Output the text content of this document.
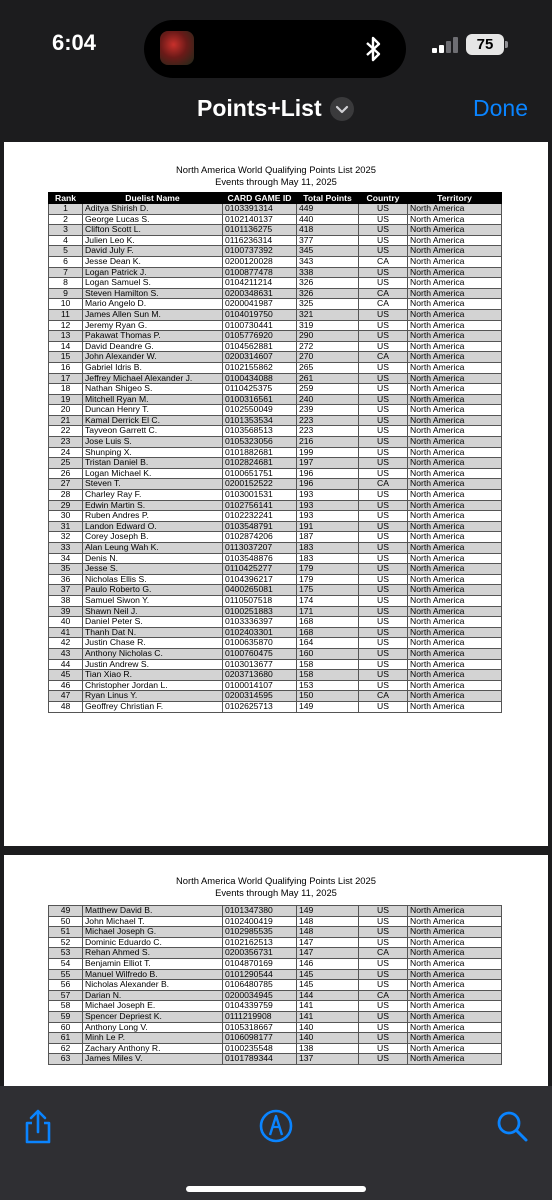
6:04	75
Points+List	Done
North America World Qualifying Points List 2025
Events through May 11, 2025
Rank	Duelist Name	CARD GAME ID	Total Points	Country	Territory
1	Aditya Shirish D.	0103391314	449	US	North America
2	George Lucas S.	0102140137	440	US	North America
3	Clifton Scott L.	0101136275	418	US	North America
4	Julien Leo K.	0116236314	377	US	North America
5	David July F.	0100737392	345	US	North America
6	Jesse Dean K.	0200120028	343	CA	North America
7	Logan Patrick J.	0100877478	338	US	North America
8	Logan Samuel S.	0104211214	326	US	North America
9	Steven Hamilton S.	0200348631	326	CA	North America
10	Mario Angelo D.	0200041987	325	CA	North America
11	James Allen Sun M.	0104019750	321	US	North America
12	Jeremy Ryan G.	0100730441	319	US	North America
13	Pakawat Thomas P.	0105776920	290	US	North America
14	David Deandre G.	0104562881	272	US	North America
15	John Alexander W.	0200314607	270	CA	North America
16	Gabriel Idris B.	0102155862	265	US	North America
17	Jeffrey Michael Alexander J.	0100434088	261	US	North America
18	Nathan Shigeo S.	0110425375	259	US	North America
19	Mitchell Ryan M.	0100316561	240	US	North America
20	Duncan Henry T.	0102550049	239	US	North America
21	Kamal Derrick El C.	0101353534	223	US	North America
22	Tayveon Garrett C.	0103568513	223	US	North America
23	Jose Luis S.	0105323056	216	US	North America
24	Shunping X.	0101882681	199	US	North America
25	Tristan Daniel B.	0102824681	197	US	North America
26	Logan Michael K.	0100651751	196	US	North America
27	Steven T.	0200152522	196	CA	North America
28	Charley Ray F.	0103001531	193	US	North America
29	Edwin Martin S.	0102756141	193	US	North America
30	Ruben Andres P.	0102232241	193	US	North America
31	Landon Edward O.	0103548791	191	US	North America
32	Corey Joseph B.	0102874206	187	US	North America
33	Alan Leung Wah K.	0113037207	183	US	North America
34	Denis N.	0103548876	183	US	North America
35	Jesse S.	0110425277	179	US	North America
36	Nicholas Ellis S.	0104396217	179	US	North America
37	Paulo Roberto G.	0400265081	175	US	North America
38	Samuel Siwon Y.	0110507518	174	US	North America
39	Shawn Neil J.	0100251883	171	US	North America
40	Daniel Peter S.	0103336397	168	US	North America
41	Thanh Dat N.	0102403301	168	US	North America
42	Justin Chase R.	0100635870	164	US	North America
43	Anthony Nicholas C.	0100760475	160	US	North America
44	Justin Andrew S.	0103013677	158	US	North America
45	Tian Xiao R.	0203713680	158	US	North America
46	Christopher Jordan L.	0100014107	153	US	North America
47	Ryan Linus Y.	0200314595	150	CA	North America
48	Geoffrey Christian F.	0102625713	149	US	North America
North America World Qualifying Points List 2025
Events through May 11, 2025
49	Matthew David B.	0101347380	149	US	North America
50	John Michael T.	0102400419	148	US	North America
51	Michael Joseph G.	0102985535	148	US	North America
52	Dominic Eduardo C.	0102162513	147	US	North America
53	Rehan Ahmed S.	0200356731	147	CA	North America
54	Benjamin Elliot T.	0104870169	146	US	North America
55	Manuel Wilfredo B.	0101290544	145	US	North America
56	Nicholas Alexander B.	0106480785	145	US	North America
57	Darian N.	0200034945	144	CA	North America
58	Michael Joseph E.	0104339759	141	US	North America
59	Spencer Depriest K.	0111219908	141	US	North America
60	Anthony Long V.	0105318667	140	US	North America
61	Minh Le P.	0106098177	140	US	North America
62	Zachary Anthony R.	0100235548	138	US	North America
63	James Miles V.	0101789344	137	US	North America
